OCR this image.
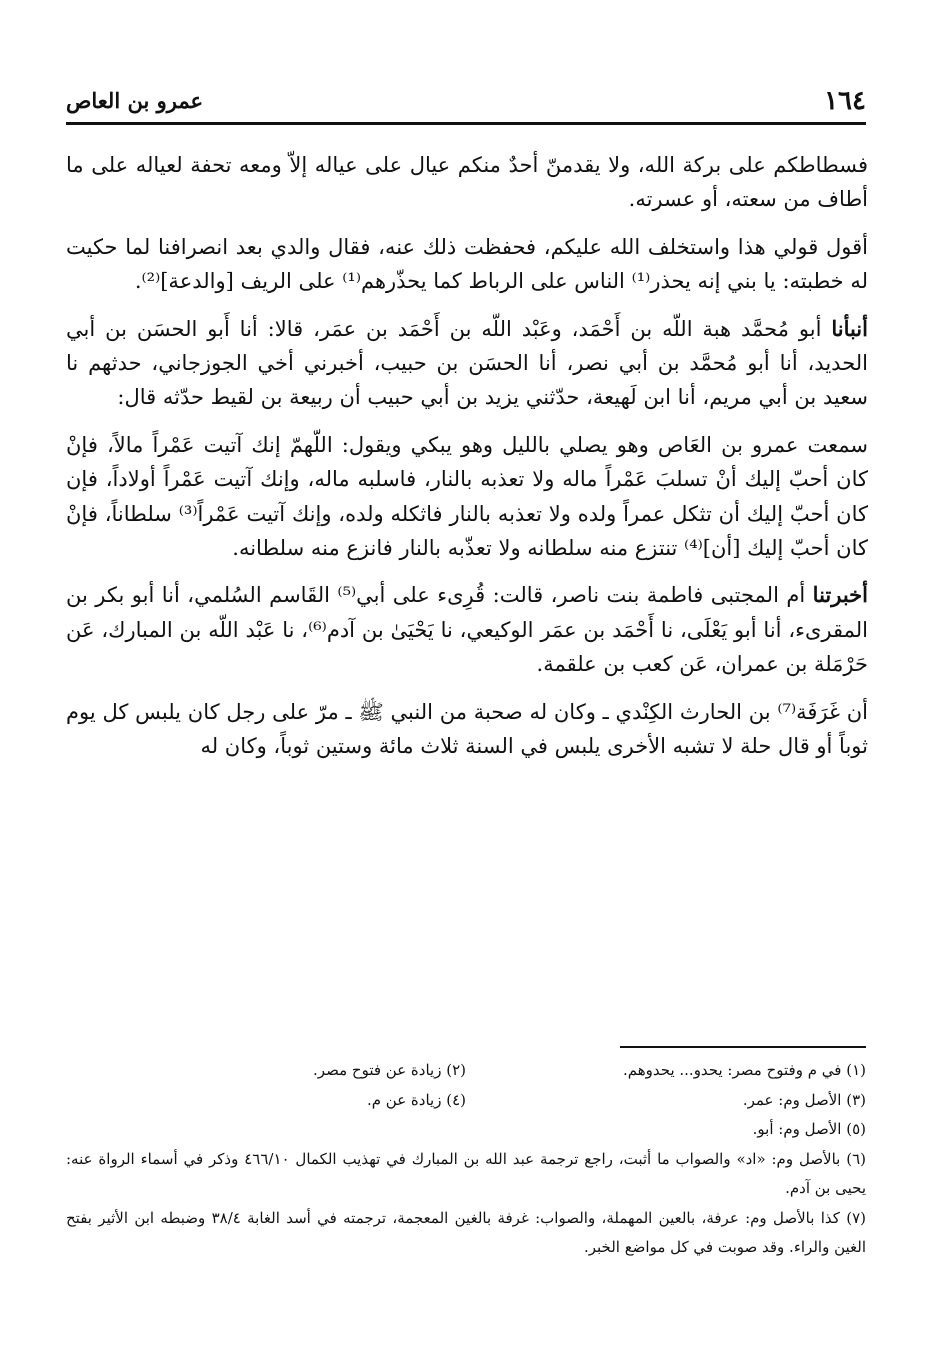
١٦٤
عمرو بن العاص

فسطاطكم على بركة الله، ولا يقدمنّ أحدٌ منكم عيال على عياله إلاّ ومعه تحفة لعياله على ما أطاف من سعته، أو عسرته.

أقول قولي هذا واستخلف الله عليكم، فحفظت ذلك عنه، فقال والدي بعد انصرافنا لما حكيت له خطبته: يا بني إنه يحذر⁽¹⁾ الناس على الرباط كما يحذّرهم⁽¹⁾ على الريف [والدعة]⁽²⁾.

أنبأنا أبو مُحمَّد هبة اللّه بن أَحْمَد، وعَبْد اللّه بن أَحْمَد بن عمَر، قالا: أنا أَبو الحسَن بن أبي الحديد، أنا أبو مُحمَّد بن أبي نصر، أنا الحسَن بن حبيب، أخبرني أخي الجوزجاني، حدثهم نا سعيد بن أبي مريم، أنا ابن لَهيعة، حدّثني يزيد بن أبي حبيب أن ربيعة بن لقيط حدّثه قال:

سمعت عمرو بن العَاص وهو يصلي بالليل وهو يبكي ويقول: اللّهمّ إنك آتيت عَمْراً مالاً، فإنْ كان أحبّ إليك أنْ تسلبَ عَمْراً ماله ولا تعذبه بالنار، فاسلبه ماله، وإنك آتيت عَمْراً أولاداً، فإن كان أحبّ إليك أن تثكل عمراً ولده ولا تعذبه بالنار فاثكله ولده، وإنك آتيت عَمْراً⁽³⁾ سلطاناً، فإنْ كان أحبّ إليك [أن]⁽⁴⁾ تنتزع منه سلطانه ولا تعذّبه بالنار فانزع منه سلطانه.

أخبرتنا أم المجتبى فاطمة بنت ناصر، قالت: قُرِىء على أبي⁽⁵⁾ القَاسم السُلمي، أنا أبو بكر بن المقرىء، أنا أبو يَعْلَى، نا أَحْمَد بن عمَر الوكيعي، نا يَحْيَىٰ بن آدم⁽⁶⁾، نا عَبْد اللّه بن المبارك، عَن حَرْمَلة بن عمران، عَن كعب بن علقمة.

أن غَرَفَة⁽⁷⁾ بن الحارث الكِنْدي ـ وكان له صحبة من النبي ﷺ ـ مرّ على رجل كان يلبس كل يوم ثوباً أو قال حلة لا تشبه الأخرى يلبس في السنة ثلاث مائة وستين ثوباً، وكان له

(١) في م وفتوح مصر: يحدو... يحدوهم.
(٢) زيادة عن فتوح مصر.
(٣) الأصل وم: عمر.
(٤) زيادة عن م.
(٥) الأصل وم: أبو.
(٦) بالأصل وم: «اد» والصواب ما أثبت، راجع ترجمة عبد الله بن المبارك في تهذيب الكمال ٤٦٦/١٠ وذكر في أسماء الرواة عنه: يحيى بن آدم.
(٧) كذا بالأصل وم: عرفة، بالعين المهملة، والصواب: غرفة بالغين المعجمة، ترجمته في أسد الغابة ٣٨/٤ وضبطه ابن الأثير بفتح الغين والراء. وقد صوبت في كل مواضع الخبر.
